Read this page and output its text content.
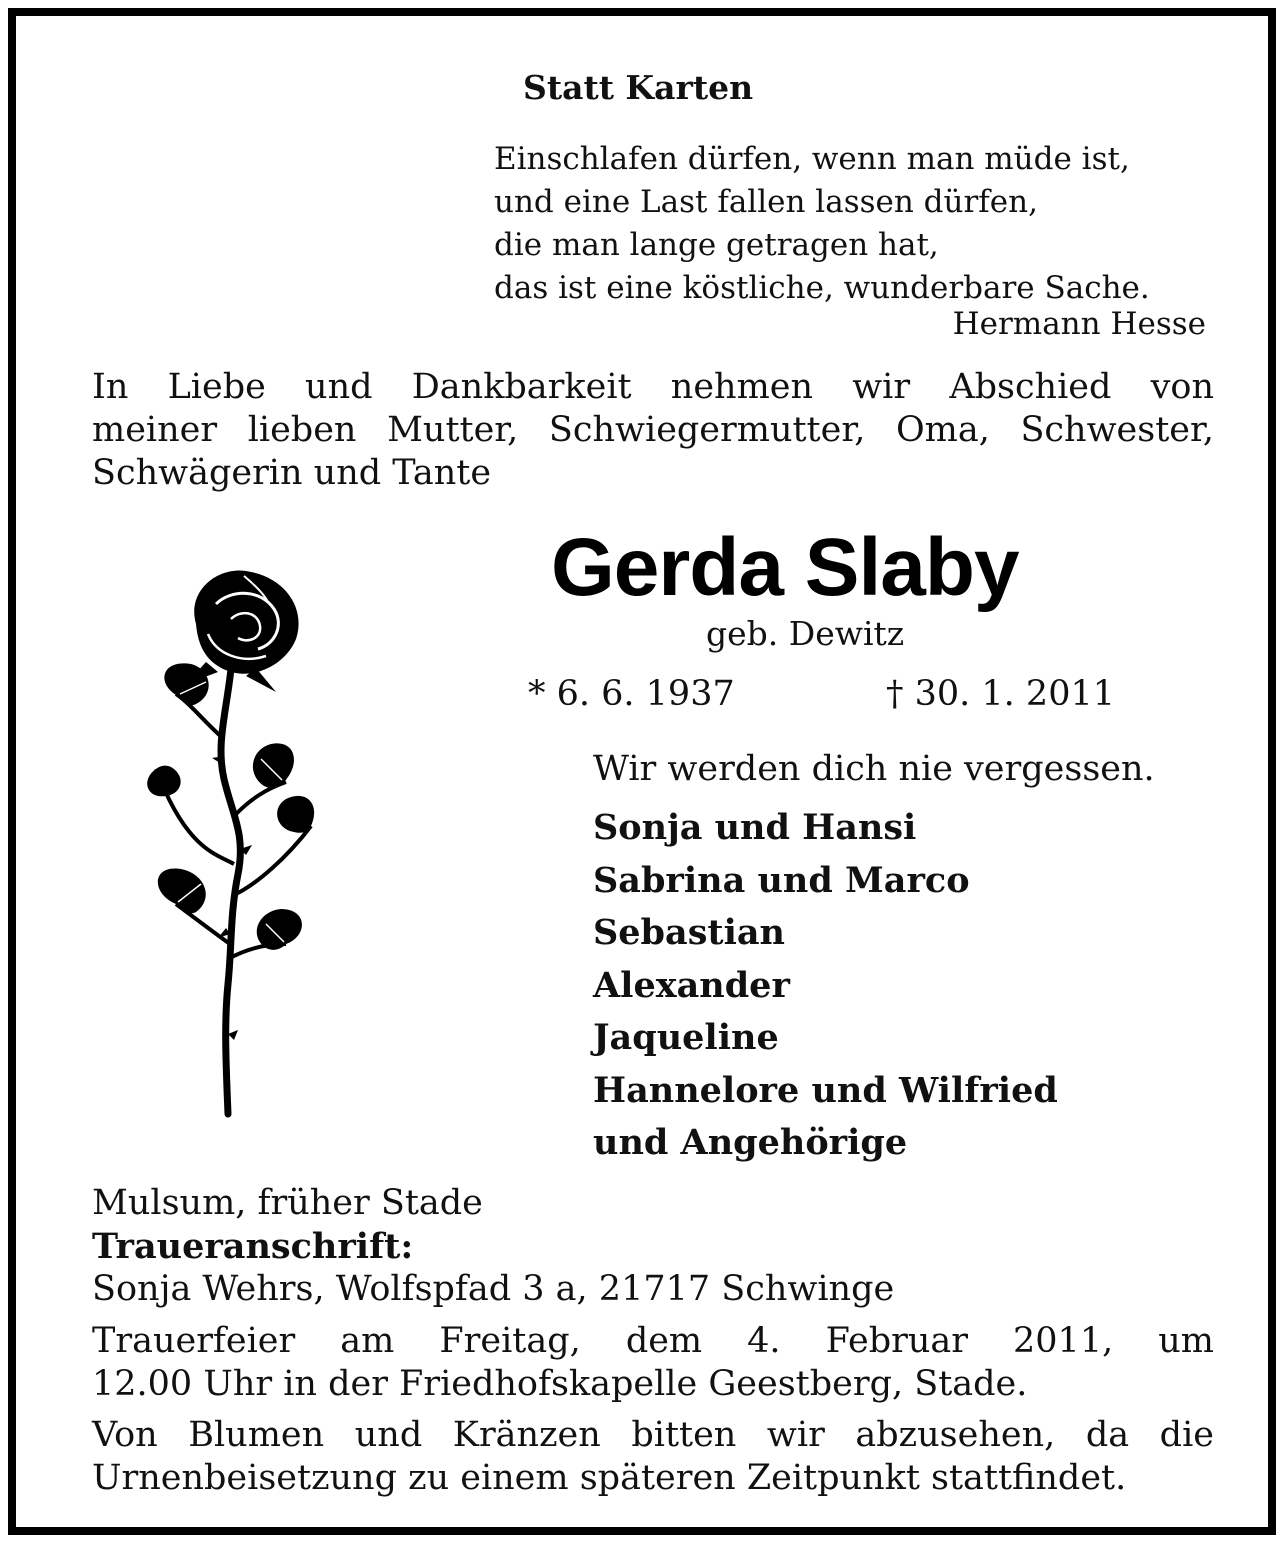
Statt Karten
Einschlafen dürfen, wenn man müde ist,
und eine Last fallen lassen dürfen,
die man lange getragen hat,
das ist eine köstliche, wunderbare Sache.
Hermann Hesse
In Liebe und Dankbarkeit nehmen wir Abschied von
meiner lieben Mutter, Schwiegermutter, Oma, Schwester,
Schwägerin und Tante
Gerda Slaby
geb. Dewitz
* 6. 6. 1937	† 30. 1. 2011
Wir werden dich nie vergessen.
Sonja und Hansi
Sabrina und Marco
Sebastian
Alexander
Jaqueline
Hannelore und Wilfried
und Angehörige
Mulsum, früher Stade
Traueranschrift:
Sonja Wehrs, Wolfspfad 3 a, 21717 Schwinge
Trauerfeier am Freitag, dem 4. Februar 2011, um
12.00 Uhr in der Friedhofskapelle Geestberg, Stade.
Von Blumen und Kränzen bitten wir abzusehen, da die
Urnenbeisetzung zu einem späteren Zeitpunkt stattfindet.
